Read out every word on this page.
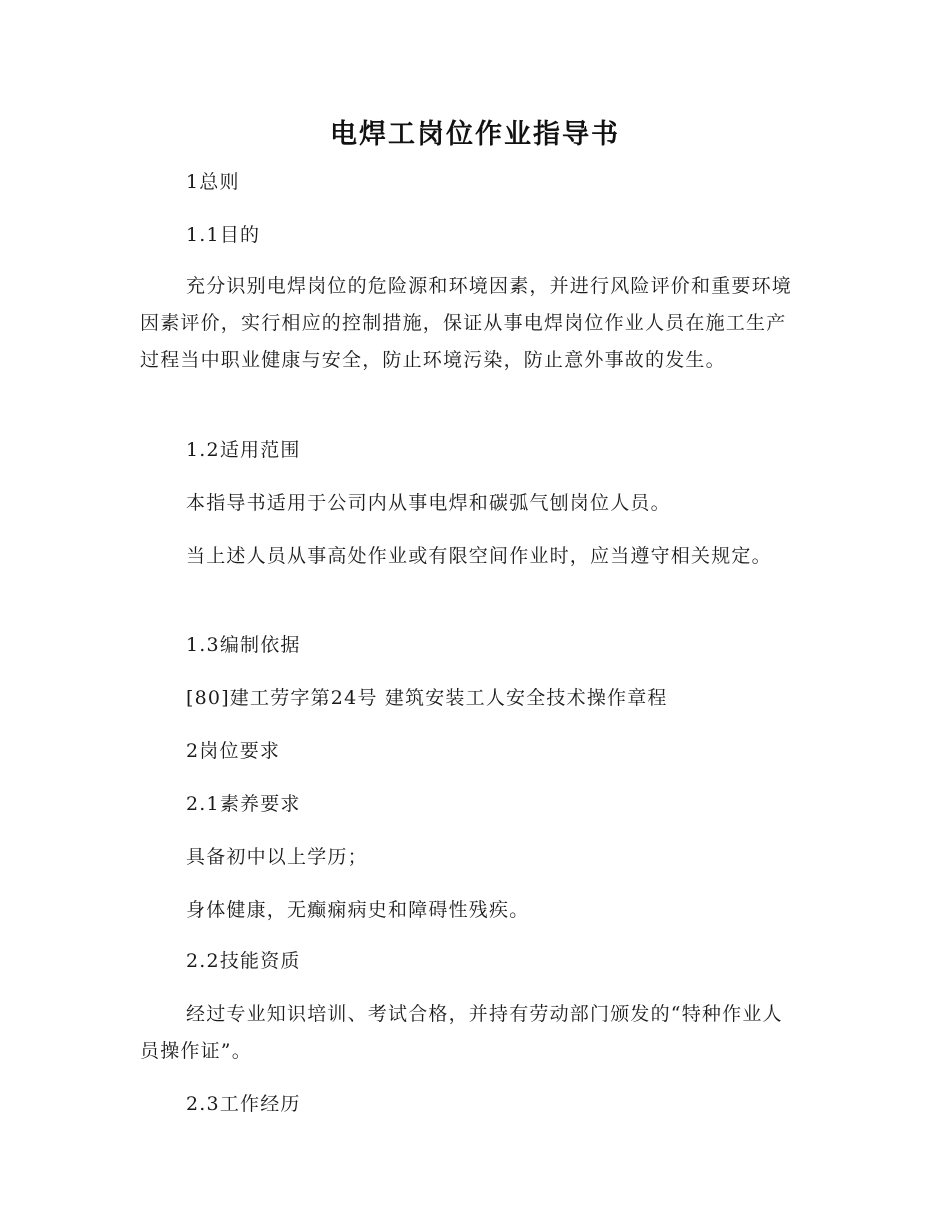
电焊工岗位作业指导书

1总则

1.1目的

充分识别电焊岗位的危险源和环境因素，并进行风险评价和重要环境因素评价，实行相应的控制措施，保证从事电焊岗位作业人员在施工生产过程当中职业健康与安全，防止环境污染，防止意外事故的发生。

1.2适用范围

本指导书适用于公司内从事电焊和碳弧气刨岗位人员。

当上述人员从事高处作业或有限空间作业时，应当遵守相关规定。

1.3编制依据

[80]建工劳字第24号 建筑安装工人安全技术操作章程

2岗位要求

2.1素养要求

具备初中以上学历；

身体健康，无癫痫病史和障碍性残疾。

2.2技能资质

经过专业知识培训、考试合格，并持有劳动部门颁发的“特种作业人员操作证”。

2.3工作经历
